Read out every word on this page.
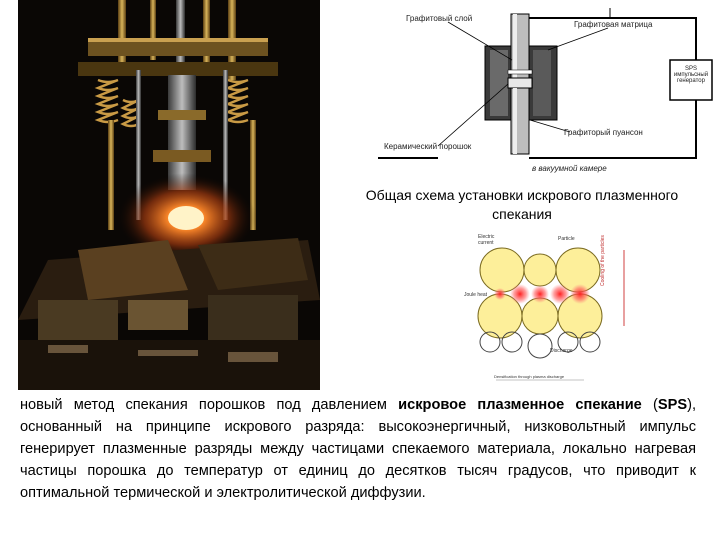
Графитовый слой
Графитовая матрица
SPS импульсный генератор
Графиторый пуансон
Керамический порошок
в вакуумной камере
Общая схема установки искрового плазменного спекания
Electric current
Particle
Joule heat
Discharge
Cooling of the particles
Densification through plasma discharge
новый метод спекания порошков под давлением искровое плазменное спекание (SPS), основанный на принципе искрового разряда: высокоэнергичный, низковольтный импульс генерирует плазменные разряды между частицами спекаемого материала, локально нагревая частицы порошка до температур от единиц до десятков тысяч градусов, что приводит к оптимальной термической и электролитической диффузии.
